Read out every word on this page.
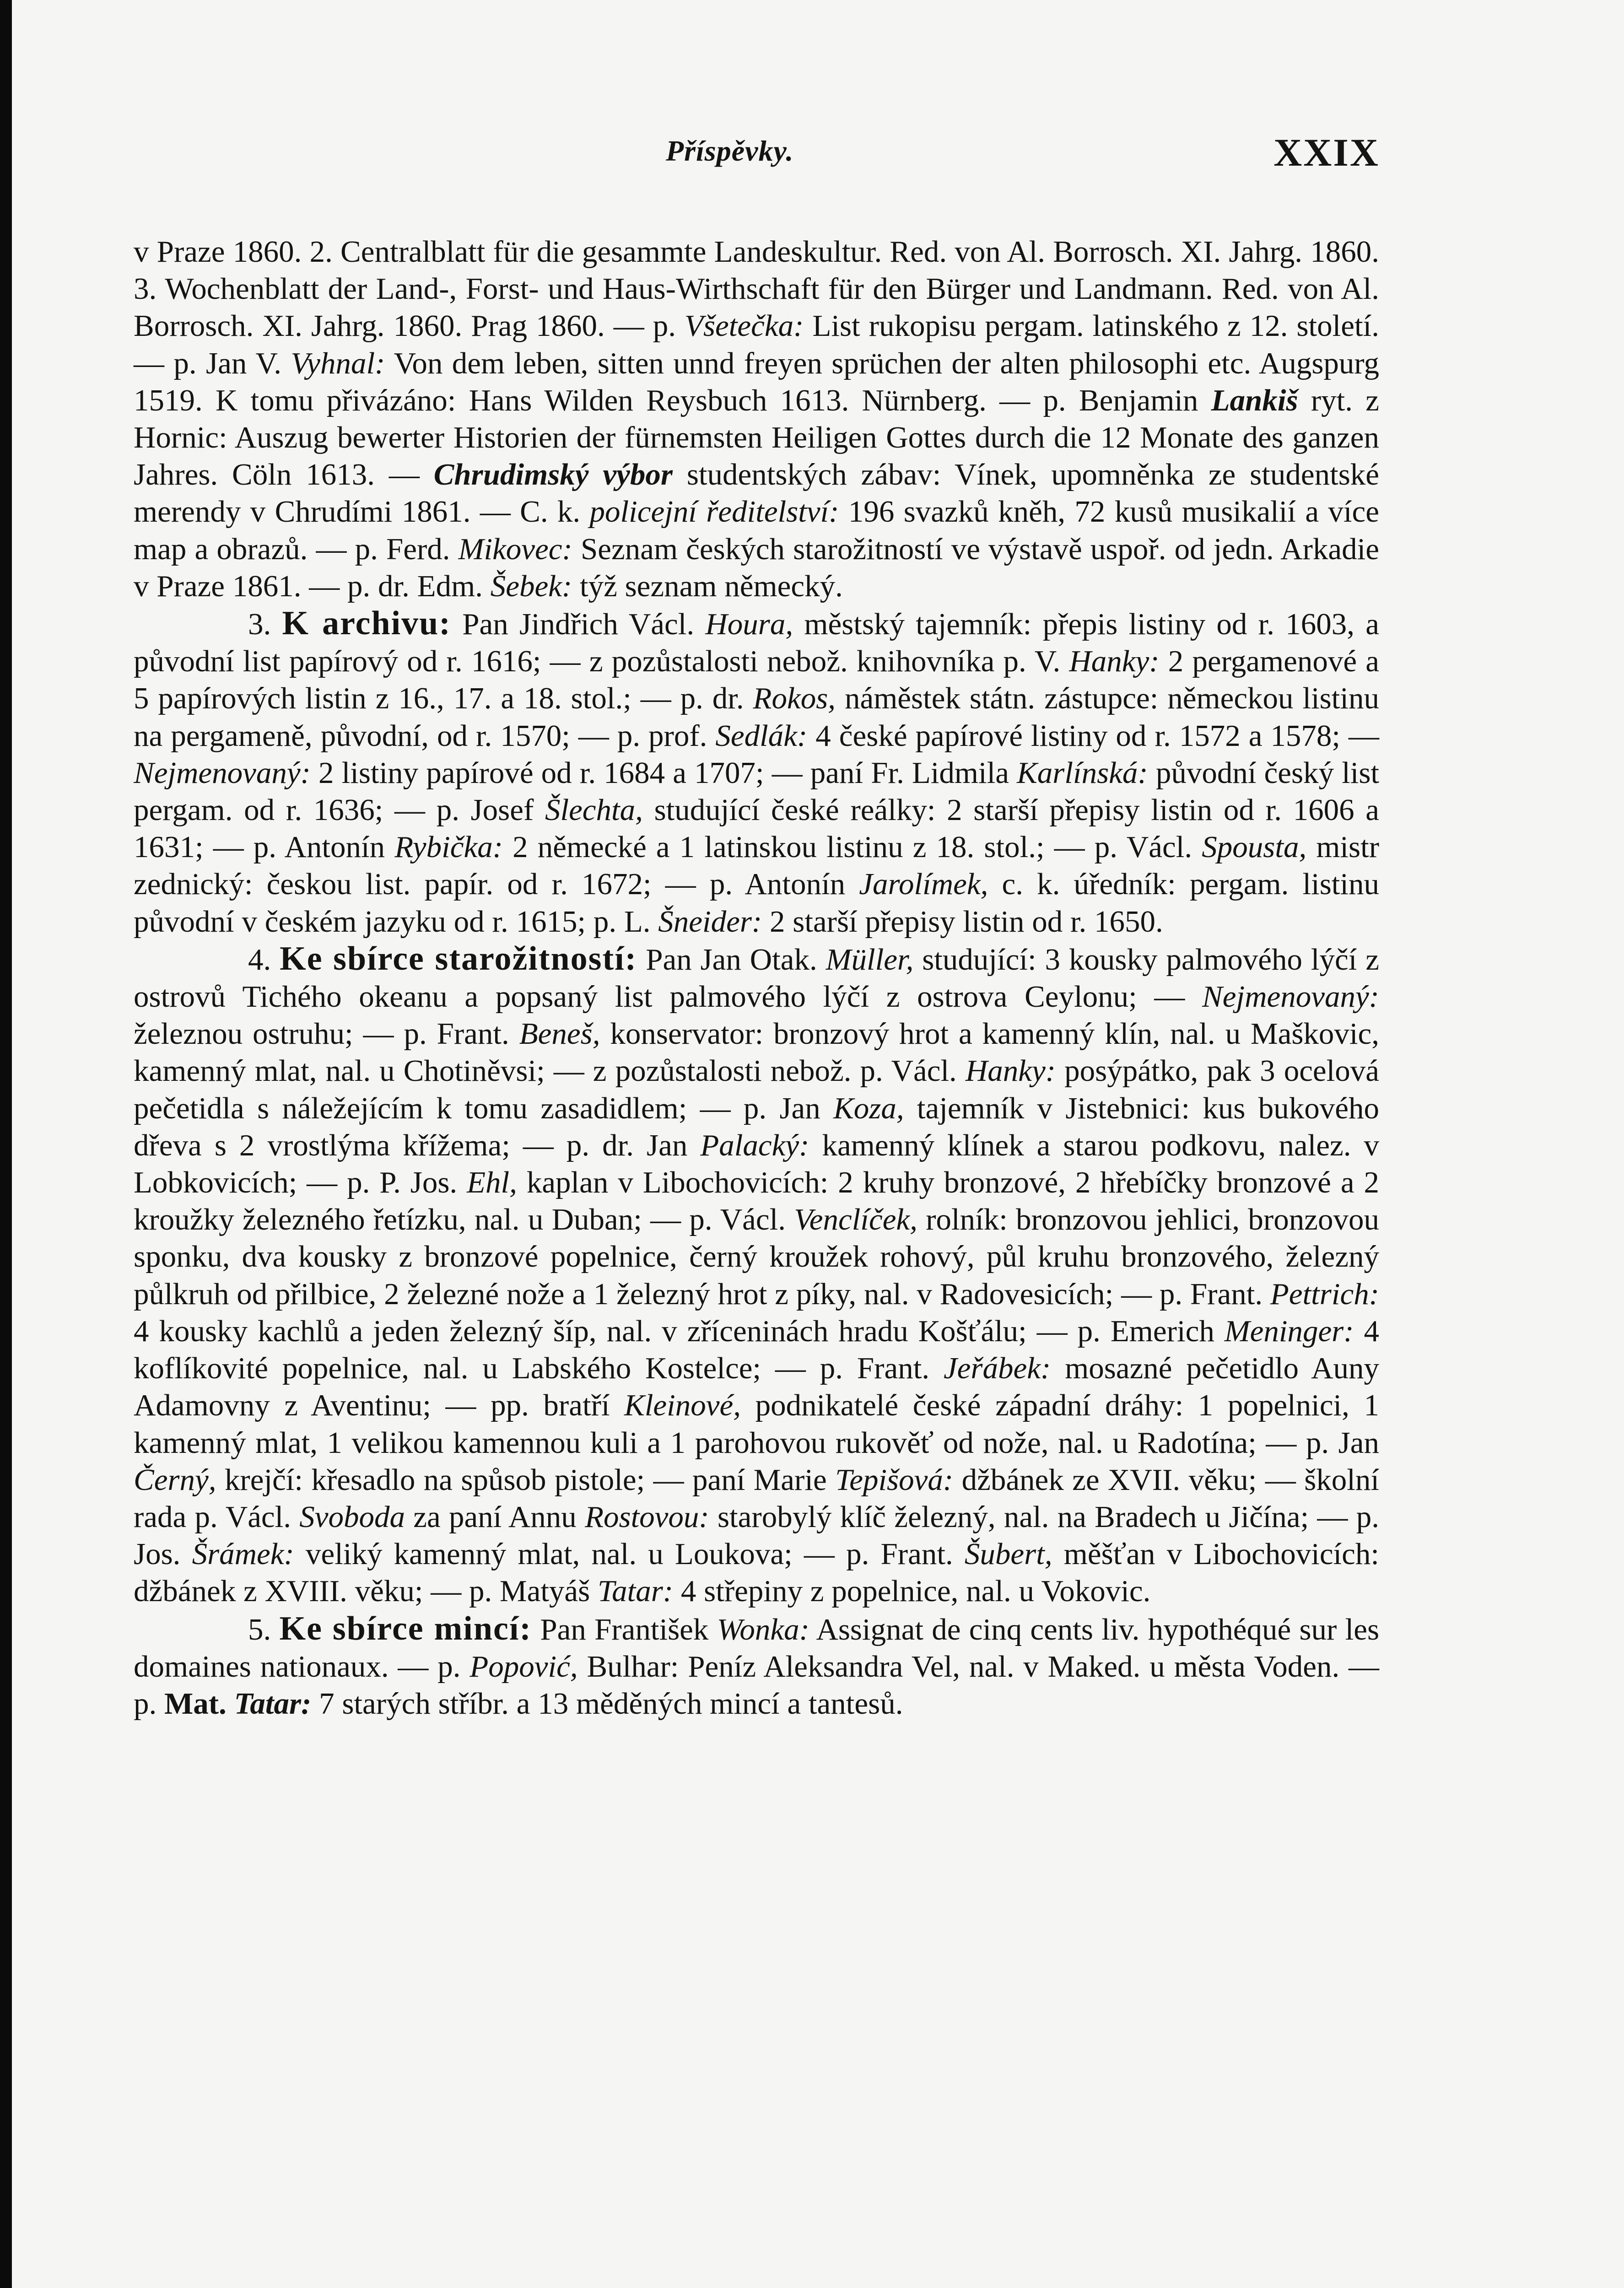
Příspěvky.	XXIX

v Praze 1860. 2. Centralblatt für die gesammte Landeskultur. Red. von Al. Borrosch. XI. Jahrg. 1860. 3. Wochenblatt der Land-, Forst- und Haus-Wirthschaft für den Bürger und Landmann. Red. von Al. Borrosch. XI. Jahrg. 1860. Prag 1860. — p. Všetečka: List rukopisu pergam. latinského z 12. století. — p. Jan V. Vyhnal: Von dem leben, sitten unnd freyen sprüchen der alten philosophi etc. Augspurg 1519. K tomu přivázáno: Hans Wilden Reysbuch 1613. Nürnberg. — p. Benjamin Lankiš ryt. z Hornic: Auszug bewerter Historien der fürnemsten Heiligen Gottes durch die 12 Monate des ganzen Jahres. Cöln 1613. — Chrudimský výbor studentských zábav: Vínek, upomněnka ze studentské merendy v Chrudími 1861. — C. k. policejní ředitelství: 196 svazků kněh, 72 kusů musikalií a více map a obrazů. — p. Ferd. Mikovec: Seznam českých starožitností ve výstavě uspoř. od jedn. Arkadie v Praze 1861. — p. dr. Edm. Šebek: týž seznam německý.

3. K archivu: Pan Jindřich Václ. Houra, městský tajemník: přepis listiny od r. 1603, a původní list papírový od r. 1616; — z pozůstalosti nebož. knihovníka p. V. Hanky: 2 pergamenové a 5 papírových listin z 16., 17. a 18. stol.; — p. dr. Rokos, náměstek státn. zástupce: německou listinu na pergameně, původní, od r. 1570; — p. prof. Sedlák: 4 české papírové listiny od r. 1572 a 1578; — Nejmenovaný: 2 listiny papírové od r. 1684 a 1707; — paní Fr. Lidmila Karlínská: původní český list pergam. od r. 1636; — p. Josef Šlechta, studující české reálky: 2 starší přepisy listin od r. 1606 a 1631; — p. Antonín Rybička: 2 německé a 1 latinskou listinu z 18. stol.; — p. Václ. Spousta, mistr zednický: českou list. papír. od r. 1672; — p. Antonín Jarolímek, c. k. úředník: pergam. listinu původní v českém jazyku od r. 1615; p. L. Šneider: 2 starší přepisy listin od r. 1650.

4. Ke sbírce starožitností: Pan Jan Otak. Müller, studující: 3 kousky palmového lýčí z ostrovů Tichého okeanu a popsaný list palmového lýčí z ostrova Ceylonu; — Nejmenovaný: železnou ostruhu; — p. Frant. Beneš, konservator: bronzový hrot a kamenný klín, nal. u Maškovic, kamenný mlat, nal. u Chotiněvsi; — z pozůstalosti nebož. p. Václ. Hanky: posýpátko, pak 3 ocelová pečetidla s náležejícím k tomu zasadidlem; — p. Jan Koza, tajemník v Jistebnici: kus bukového dřeva s 2 vrostlýma křížema; — p. dr. Jan Palacký: kamenný klínek a starou podkovu, nalez. v Lobkovicích; — p. P. Jos. Ehl, kaplan v Libochovicích: 2 kruhy bronzové, 2 hřebíčky bronzové a 2 kroužky železného řetízku, nal. u Duban; — p. Václ. Venclíček, rolník: bronzovou jehlici, bronzovou sponku, dva kousky z bronzové popelnice, černý kroužek rohový, půl kruhu bronzového, železný půlkruh od přilbice, 2 železné nože a 1 železný hrot z píky, nal. v Radovesicích; — p. Frant. Pettrich: 4 kousky kachlů a jeden železný šíp, nal. v zříceninách hradu Košťálu; — p. Emerich Meninger: 4 koflíkovité popelnice, nal. u Labského Kostelce; — p. Frant. Jeřábek: mosazné pečetidlo Auny Adamovny z Aventinu; — pp. bratří Kleinové, podnikatelé české západní dráhy: 1 popelnici, 1 kamenný mlat, 1 velikou kamennou kuli a 1 parohovou rukověť od nože, nal. u Radotína; — p. Jan Černý, krejčí: křesadlo na spůsob pistole; — paní Marie Tepišová: džbánek ze XVII. věku; — školní rada p. Václ. Svoboda za paní Annu Rostovou: starobylý klíč železný, nal. na Bradech u Jičína; — p. Jos. Šrámek: veliký kamenný mlat, nal. u Loukova; — p. Frant. Šubert, měšťan v Libochovicích: džbánek z XVIII. věku; — p. Matyáš Tatar: 4 střepiny z popelnice, nal. u Vokovic.

5. Ke sbírce mincí: Pan František Wonka: Assignat de cinq cents liv. hypothéqué sur les domaines nationaux. — p. Popović, Bulhar: Peníz Aleksandra Vel, nal. v Maked. u města Voden. — p. Mat. Tatar: 7 starých stříbr. a 13 měděných mincí a tantesů.
